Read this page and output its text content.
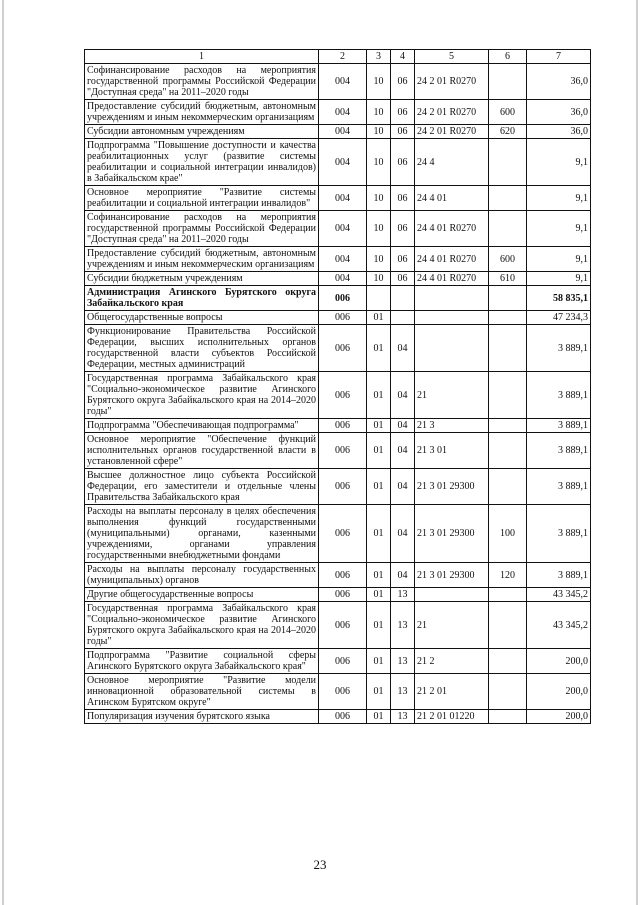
1	2	3	4	5	6	7
Софинансирование расходов на мероприятия государственной программы Российской Федерации "Доступная среда" на 2011–2020 годы	004	10	06	24 2 01 R0270		36,0
Предоставление субсидий бюджетным, автономным учреждениям и иным некоммерческим организациям	004	10	06	24 2 01 R0270	600	36,0
Субсидии автономным учреждениям	004	10	06	24 2 01 R0270	620	36,0
Подпрограмма "Повышение доступности и качества реабилитационных услуг (развитие системы реабилитации и социальной интеграции инвалидов) в Забайкальском крае"	004	10	06	24 4		9,1
Основное мероприятие "Развитие системы реабилитации и социальной интеграции инвалидов"	004	10	06	24 4 01		9,1
Софинансирование расходов на мероприятия государственной программы Российской Федерации "Доступная среда" на 2011–2020 годы	004	10	06	24 4 01 R0270		9,1
Предоставление субсидий бюджетным, автономным учреждениям и иным некоммерческим организациям	004	10	06	24 4 01 R0270	600	9,1
Субсидии бюджетным учреждениям	004	10	06	24 4 01 R0270	610	9,1
Администрация Агинского Бурятского округа Забайкальского края	006					58 835,1
Общегосударственные вопросы	006	01				47 234,3
Функционирование Правительства Российской Федерации, высших исполнительных органов государственной власти субъектов Российской Федерации, местных администраций	006	01	04			3 889,1
Государственная программа Забайкальского края "Социально-экономическое развитие Агинского Бурятского округа Забайкальского края на 2014–2020 годы"	006	01	04	21		3 889,1
Подпрограмма "Обеспечивающая подпрограмма"	006	01	04	21 3		3 889,1
Основное мероприятие "Обеспечение функций исполнительных органов государственной власти в установленной сфере"	006	01	04	21 3 01		3 889,1
Высшее должностное лицо субъекта Российской Федерации, его заместители и отдельные члены Правительства Забайкальского края	006	01	04	21 3 01 29300		3 889,1
Расходы на выплаты персоналу в целях обеспечения выполнения функций государственными (муниципальными) органами, казенными учреждениями, органами управления государственными внебюджетными фондами	006	01	04	21 3 01 29300	100	3 889,1
Расходы на выплаты персоналу государственных (муниципальных) органов	006	01	04	21 3 01 29300	120	3 889,1
Другие общегосударственные вопросы	006	01	13			43 345,2
Государственная программа Забайкальского края "Социально-экономическое развитие Агинского Бурятского округа Забайкальского края на 2014–2020 годы"	006	01	13	21		43 345,2
Подпрограмма "Развитие социальной сферы Агинского Бурятского округа Забайкальского края"	006	01	13	21 2		200,0
Основное мероприятие "Развитие модели инновационной образовательной системы в Агинском Бурятском округе"	006	01	13	21 2 01		200,0
Популяризация изучения бурятского языка	006	01	13	21 2 01 01220		200,0
23
